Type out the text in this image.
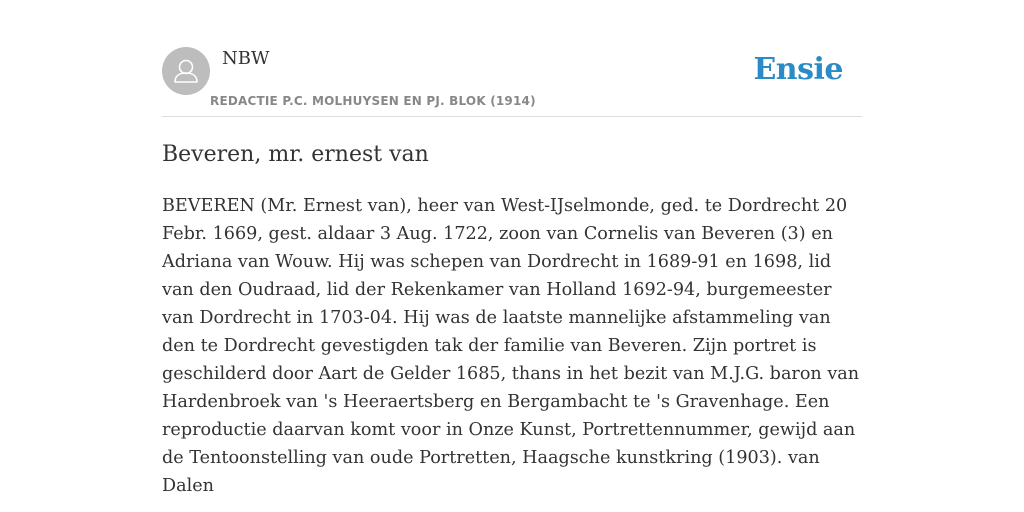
NBW
REDACTIE P.C. MOLHUYSEN EN PJ. BLOK (1914)
Ensie
Beveren, mr. ernest van

BEVEREN (Mr. Ernest van), heer van West-IJselmonde, ged. te Dordrecht 20 Febr. 1669, gest. aldaar 3 Aug. 1722, zoon van Cornelis van Beveren (3) en Adriana van Wouw. Hij was schepen van Dordrecht in 1689-91 en 1698, lid van den Oudraad, lid der Rekenkamer van Holland 1692-94, burgemeester van Dordrecht in 1703-04. Hij was de laatste mannelijke afstammeling van den te Dordrecht gevestigden tak der familie van Beveren. Zijn portret is geschilderd door Aart de Gelder 1685, thans in het bezit van M.J.G. baron van Hardenbroek van 's Heeraertsberg en Bergambacht te 's Gravenhage. Een reproductie daarvan komt voor in Onze Kunst, Portrettennummer, gewijd aan de Tentoonstelling van oude Portretten, Haagsche kunstkring (1903). van Dalen
